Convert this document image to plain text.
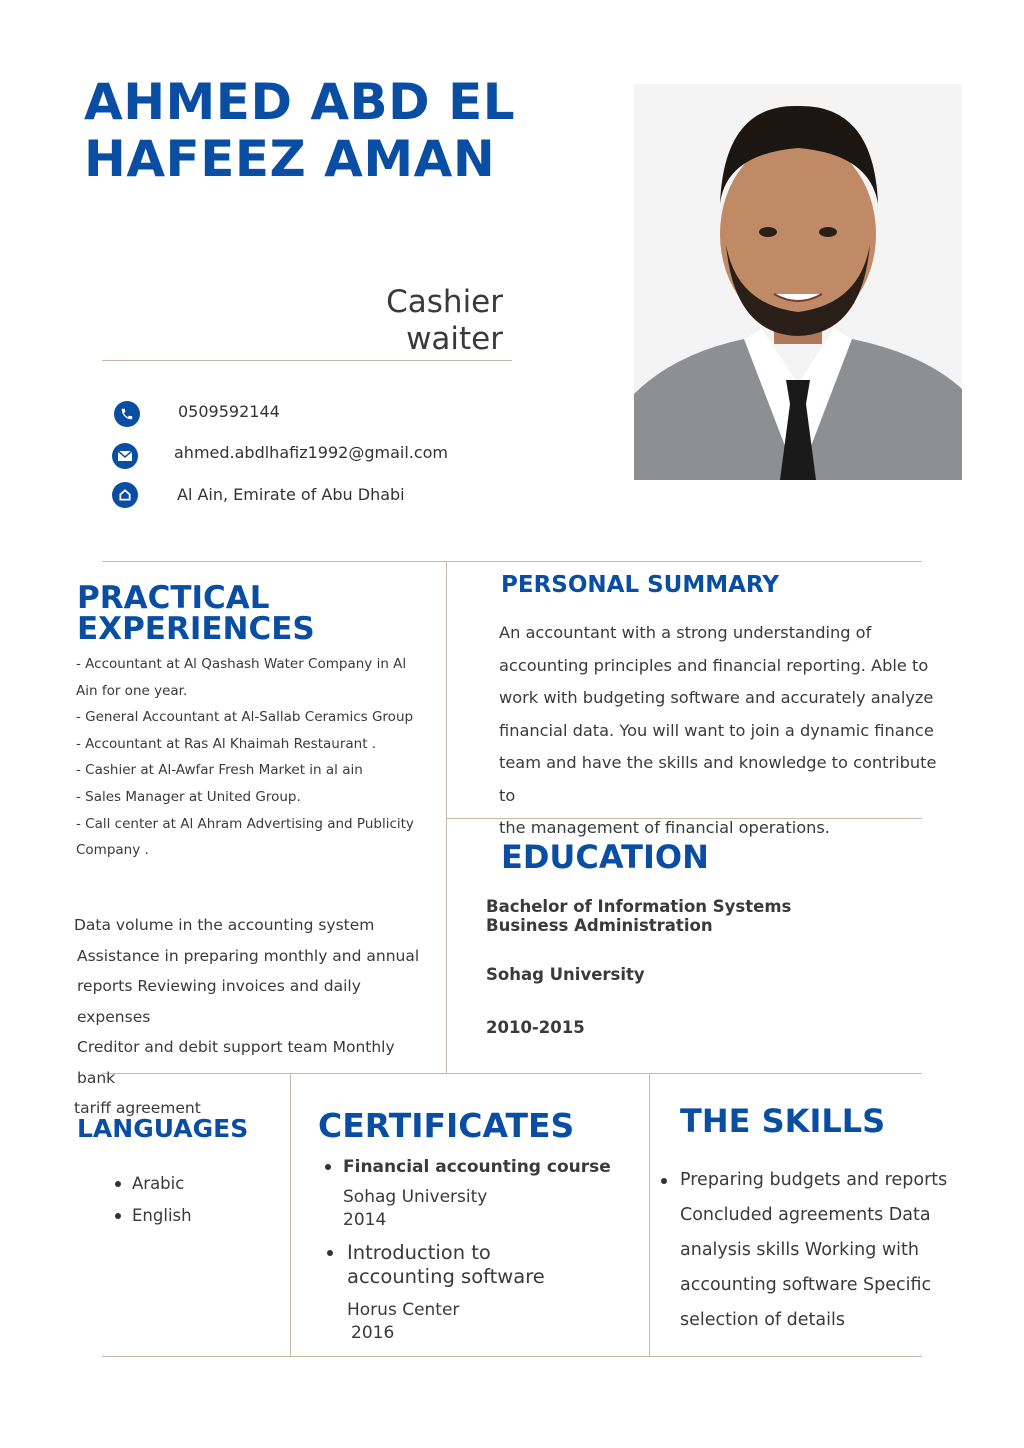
AHMED ABD EL
HAFEEZ AMAN
Cashier
waiter
0509592144
ahmed.abdlhafiz1992@gmail.com
Al Ain, Emirate of Abu Dhabi
PRACTICAL
EXPERIENCES
- Accountant at Al Qashash Water Company in Al
Ain for one year.
- General Accountant at Al-Sallab Ceramics Group
- Accountant at Ras Al Khaimah Restaurant .
- Cashier at Al-Awfar Fresh Market in al ain
- Sales Manager at United Group.
- Call center at Al Ahram Advertising and Publicity
Company .
Data volume in the accounting system
Assistance in preparing monthly and annual
reports Reviewing invoices and daily expenses
Creditor and debit support team Monthly bank
tariff agreement
PERSONAL SUMMARY
An accountant with a strong understanding of
accounting principles and financial reporting. Able to
work with budgeting software and accurately analyze
financial data. You will want to join a dynamic finance
team and have the skills and knowledge to contribute to
the management of financial operations.
EDUCATION
Bachelor of Information Systems
Business Administration
Sohag University
2010-2015
LANGUAGES
Arabic
English
CERTIFICATES
Financial accounting course
Sohag University
2014
Introduction to
accounting software
Horus Center
2016
THE SKILLS
Preparing budgets and reports
Concluded agreements Data
analysis skills Working with
accounting software Specific
selection of details
